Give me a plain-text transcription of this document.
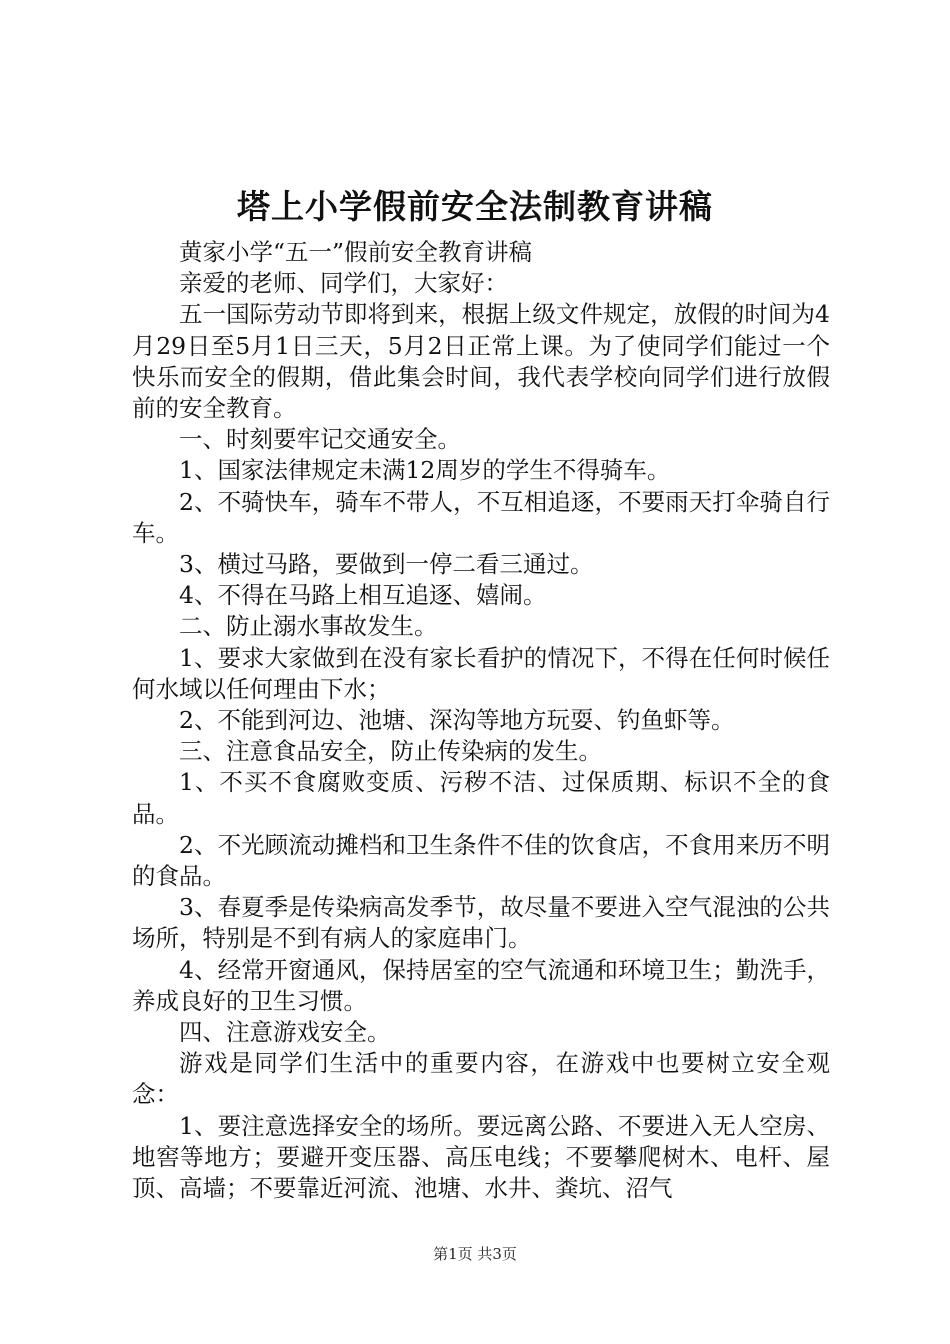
塔上小学假前安全法制教育讲稿

黄家小学“五一”假前安全教育讲稿

亲爱的老师、同学们，大家好：

五一国际劳动节即将到来，根据上级文件规定，放假的时间为4月29日至5月1日三天，5月2日正常上课。为了使同学们能过一个快乐而安全的假期，借此集会时间，我代表学校向同学们进行放假前的安全教育。

一、时刻要牢记交通安全。

1、国家法律规定未满12周岁的学生不得骑车。

2、不骑快车，骑车不带人，不互相追逐，不要雨天打伞骑自行车。

3、横过马路，要做到一停二看三通过。

4、不得在马路上相互追逐、嬉闹。

二、防止溺水事故发生。

1、要求大家做到在没有家长看护的情况下，不得在任何时候任何水域以任何理由下水；

2、不能到河边、池塘、深沟等地方玩耍、钓鱼虾等。

三、注意食品安全，防止传染病的发生。

1、不买不食腐败变质、污秽不洁、过保质期、标识不全的食品。

2、不光顾流动摊档和卫生条件不佳的饮食店，不食用来历不明的食品。

3、春夏季是传染病高发季节，故尽量不要进入空气混浊的公共场所，特别是不到有病人的家庭串门。

4、经常开窗通风，保持居室的空气流通和环境卫生；勤洗手，养成良好的卫生习惯。

四、注意游戏安全。

游戏是同学们生活中的重要内容，在游戏中也要树立安全观念：

1、要注意选择安全的场所。要远离公路、不要进入无人空房、地窖等地方；要避开变压器、高压电线；不要攀爬树木、电杆、屋顶、高墙；不要靠近河流、池塘、水井、粪坑、沼气

第1页 共3页
